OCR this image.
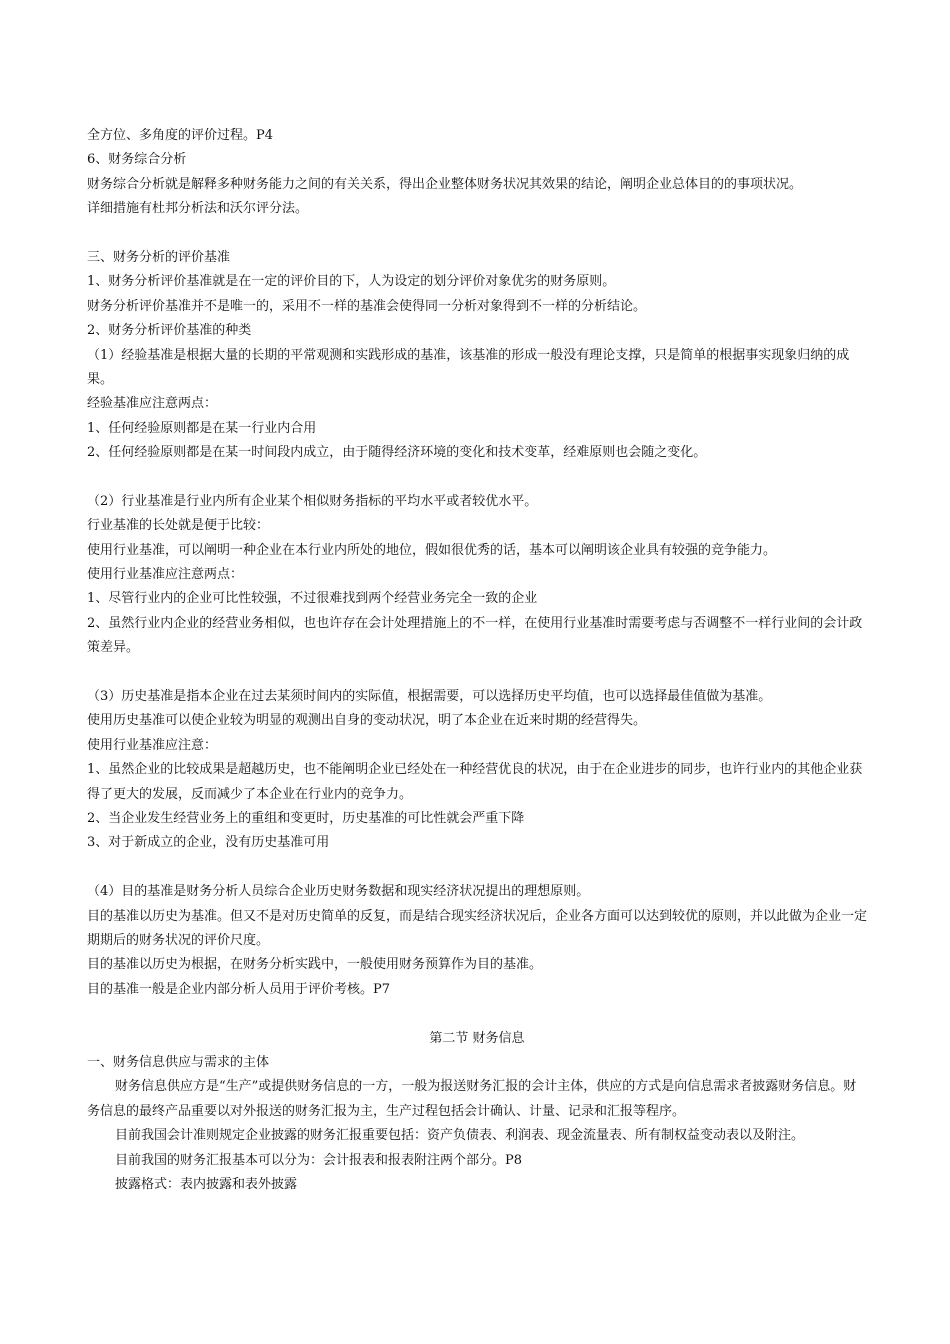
全方位、多角度的评价过程。P4
6、财务综合分析
财务综合分析就是解释多种财务能力之间的有关关系，得出企业整体财务状况其效果的结论，阐明企业总体目的的事项状况。
详细措施有杜邦分析法和沃尔评分法。
三、财务分析的评价基准
1、财务分析评价基准就是在一定的评价目的下，人为设定的划分评价对象优劣的财务原则。
财务分析评价基准并不是唯一的，采用不一样的基准会使得同一分析对象得到不一样的分析结论。
2、财务分析评价基准的种类
（1）经验基准是根据大量的长期的平常观测和实践形成的基准，该基准的形成一般没有理论支撑，只是简单的根据事实现象归纳的成果。
经验基准应注意两点：
1、任何经验原则都是在某一行业内合用
2、任何经验原则都是在某一时间段内成立，由于随得经济环境的变化和技术变革，经难原则也会随之变化。
（2）行业基准是行业内所有企业某个相似财务指标的平均水平或者较优水平。
行业基准的长处就是便于比较：
使用行业基准，可以阐明一种企业在本行业内所处的地位，假如很优秀的话，基本可以阐明该企业具有较强的竞争能力。
使用行业基准应注意两点：
1、尽管行业内的企业可比性较强，不过很难找到两个经营业务完全一致的企业
2、虽然行业内企业的经营业务相似，也也许存在会计处理措施上的不一样，在使用行业基准时需要考虑与否调整不一样行业间的会计政策差异。
（3）历史基准是指本企业在过去某须时间内的实际值，根据需要，可以选择历史平均值，也可以选择最佳值做为基准。
使用历史基准可以使企业较为明显的观测出自身的变动状况，明了本企业在近来时期的经营得失。
使用行业基准应注意：
1、虽然企业的比较成果是超越历史，也不能阐明企业已经处在一种经营优良的状况，由于在企业进步的同步，也许行业内的其他企业获得了更大的发展，反而减少了本企业在行业内的竞争力。
2、当企业发生经营业务上的重组和变更时，历史基准的可比性就会严重下降
3、对于新成立的企业，没有历史基准可用
（4）目的基准是财务分析人员综合企业历史财务数据和现实经济状况提出的理想原则。
目的基准以历史为基准。但又不是对历史简单的反复，而是结合现实经济状况后，企业各方面可以达到较优的原则，并以此做为企业一定期期后的财务状况的评价尺度。
目的基准以历史为根据，在财务分析实践中，一般使用财务预算作为目的基准。
目的基准一般是企业内部分析人员用于评价考核。P7
第二节 财务信息
一、财务信息供应与需求的主体
财务信息供应方是“生产”或提供财务信息的一方，一般为报送财务汇报的会计主体，供应的方式是向信息需求者披露财务信息。财务信息的最终产品重要以对外报送的财务汇报为主，生产过程包括会计确认、计量、记录和汇报等程序。
目前我国会计准则规定企业披露的财务汇报重要包括：资产负债表、利润表、现金流量表、所有制权益变动表以及附注。
目前我国的财务汇报基本可以分为：会计报表和报表附注两个部分。P8
披露格式：表内披露和表外披露
